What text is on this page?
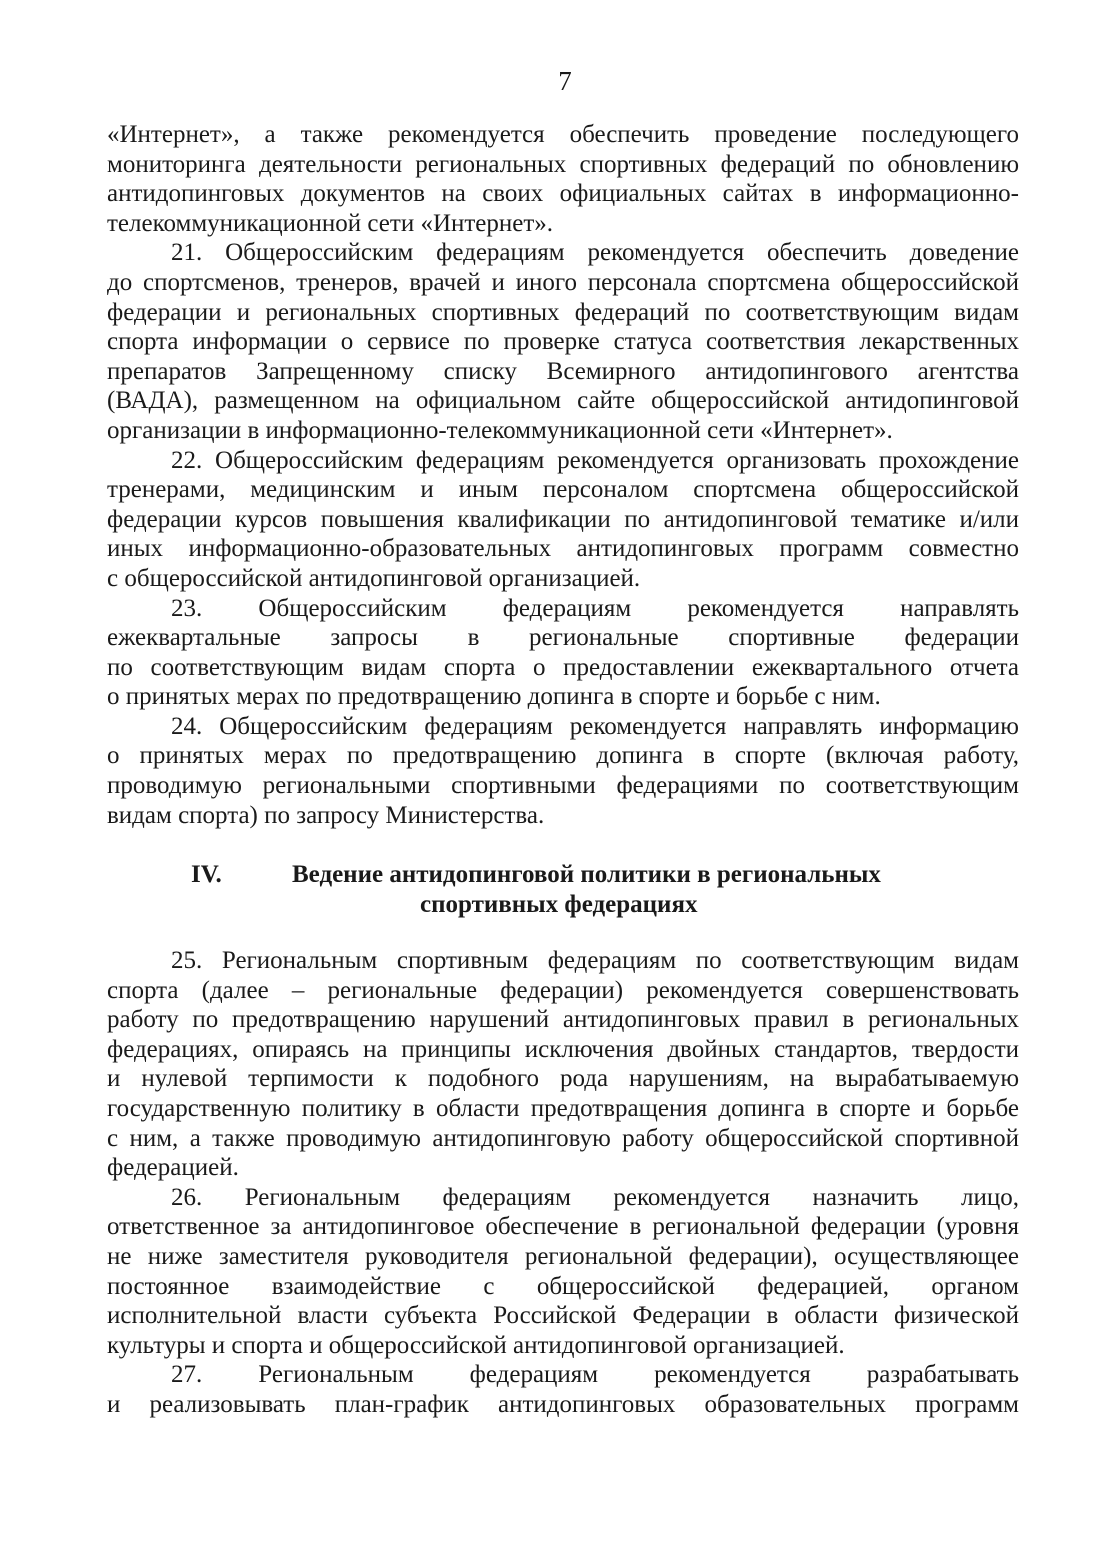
7

«Интернет», а также рекомендуется обеспечить проведение последующего
мониторинга деятельности региональных спортивных федераций по обновлению
антидопинговых документов на своих официальных сайтах в информационно-
телекоммуникационной сети «Интернет».

21. Общероссийским федерациям рекомендуется обеспечить доведение
до спортсменов, тренеров, врачей и иного персонала спортсмена общероссийской
федерации и региональных спортивных федераций по соответствующим видам
спорта информации о сервисе по проверке статуса соответствия лекарственных
препаратов Запрещенному списку Всемирного антидопингового агентства
(ВАДА), размещенном на официальном сайте общероссийской антидопинговой
организации в информационно-телекоммуникационной сети «Интернет».

22. Общероссийским федерациям рекомендуется организовать прохождение
тренерами, медицинским и иным персоналом спортсмена общероссийской
федерации курсов повышения квалификации по антидопинговой тематике и/или
иных информационно-образовательных антидопинговых программ совместно
с общероссийской антидопинговой организацией.

23. Общероссийским федерациям рекомендуется направлять
ежеквартальные запросы в региональные спортивные федерации
по соответствующим видам спорта о предоставлении ежеквартального отчета
о принятых мерах по предотвращению допинга в спорте и борьбе с ним.

24. Общероссийским федерациям рекомендуется направлять информацию
о принятых мерах по предотвращению допинга в спорте (включая работу,
проводимую региональными спортивными федерациями по соответствующим
видам спорта) по запросу Министерства.

IV.	Ведение антидопинговой политики в региональных
спортивных федерациях

25. Региональным спортивным федерациям по соответствующим видам
спорта (далее – региональные федерации) рекомендуется совершенствовать
работу по предотвращению нарушений антидопинговых правил в региональных
федерациях, опираясь на принципы исключения двойных стандартов, твердости
и нулевой терпимости к подобного рода нарушениям, на вырабатываемую
государственную политику в области предотвращения допинга в спорте и борьбе
с ним, а также проводимую антидопинговую работу общероссийской спортивной
федерацией.

26. Региональным федерациям рекомендуется назначить лицо,
ответственное за антидопинговое обеспечение в региональной федерации (уровня
не ниже заместителя руководителя региональной федерации), осуществляющее
постоянное взаимодействие с общероссийской федерацией, органом
исполнительной власти субъекта Российской Федерации в области физической
культуры и спорта и общероссийской антидопинговой организацией.

27. Региональным федерациям рекомендуется разрабатывать
и реализовывать план-график антидопинговых образовательных программ
